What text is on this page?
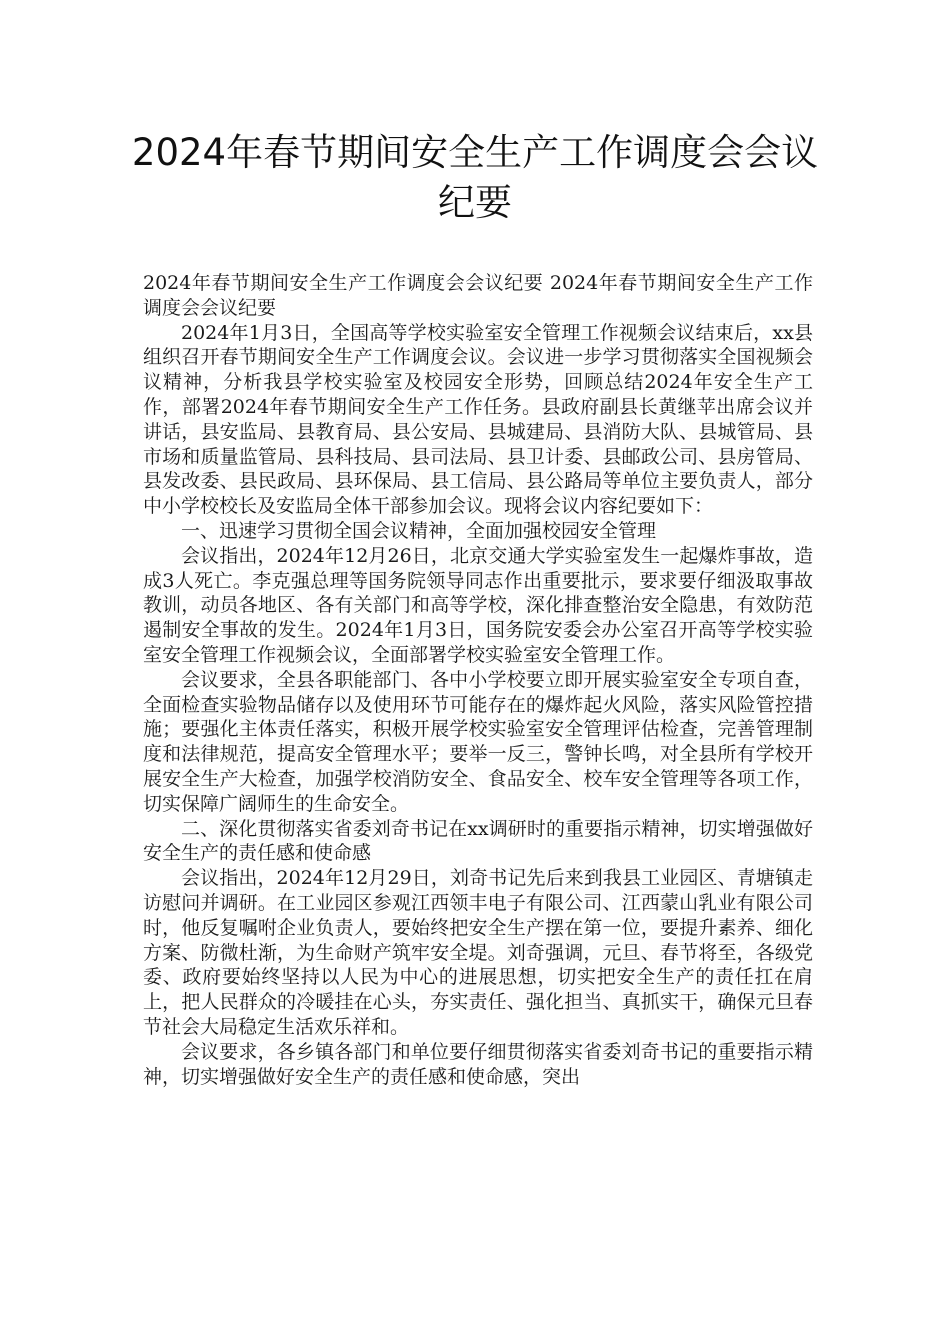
2024年春节期间安全生产工作调度会会议纪要

2024年春节期间安全生产工作调度会会议纪要 2024年春节期间安全生产工作调度会会议纪要

2024年1月3日，全国高等学校实验室安全管理工作视频会议结束后，xx县组织召开春节期间安全生产工作调度会议。会议进一步学习贯彻落实全国视频会议精神，分析我县学校实验室及校园安全形势，回顾总结2024年安全生产工作，部署2024年春节期间安全生产工作任务。县政府副县长黄继苹出席会议并讲话，县安监局、县教育局、县公安局、县城建局、县消防大队、县城管局、县市场和质量监管局、县科技局、县司法局、县卫计委、县邮政公司、县房管局、县发改委、县民政局、县环保局、县工信局、县公路局等单位主要负责人，部分中小学校校长及安监局全体干部参加会议。现将会议内容纪要如下：

一、迅速学习贯彻全国会议精神，全面加强校园安全管理

会议指出，2024年12月26日，北京交通大学实验室发生一起爆炸事故，造成3人死亡。李克强总理等国务院领导同志作出重要批示，要求要仔细汲取事故教训，动员各地区、各有关部门和高等学校，深化排查整治安全隐患，有效防范遏制安全事故的发生。2024年1月3日，国务院安委会办公室召开高等学校实验室安全管理工作视频会议，全面部署学校实验室安全管理工作。

会议要求，全县各职能部门、各中小学校要立即开展实验室安全专项自查，全面检查实验物品储存以及使用环节可能存在的爆炸起火风险，落实风险管控措施；要强化主体责任落实，积极开展学校实验室安全管理评估检查，完善管理制度和法律规范，提高安全管理水平；要举一反三，警钟长鸣，对全县所有学校开展安全生产大检查，加强学校消防安全、食品安全、校车安全管理等各项工作，切实保障广阔师生的生命安全。

二、深化贯彻落实省委刘奇书记在xx调研时的重要指示精神，切实增强做好安全生产的责任感和使命感

会议指出，2024年12月29日，刘奇书记先后来到我县工业园区、青塘镇走访慰问并调研。在工业园区参观江西领丰电子有限公司、江西蒙山乳业有限公司时，他反复嘱咐企业负责人，要始终把安全生产摆在第一位，要提升素养、细化方案、防微杜渐，为生命财产筑牢安全堤。刘奇强调，元旦、春节将至，各级党委、政府要始终坚持以人民为中心的进展思想，切实把安全生产的责任扛在肩上，把人民群众的冷暖挂在心头，夯实责任、强化担当、真抓实干，确保元旦春节社会大局稳定生活欢乐祥和。

会议要求，各乡镇各部门和单位要仔细贯彻落实省委刘奇书记的重要指示精神，切实增强做好安全生产的责任感和使命感，突出
